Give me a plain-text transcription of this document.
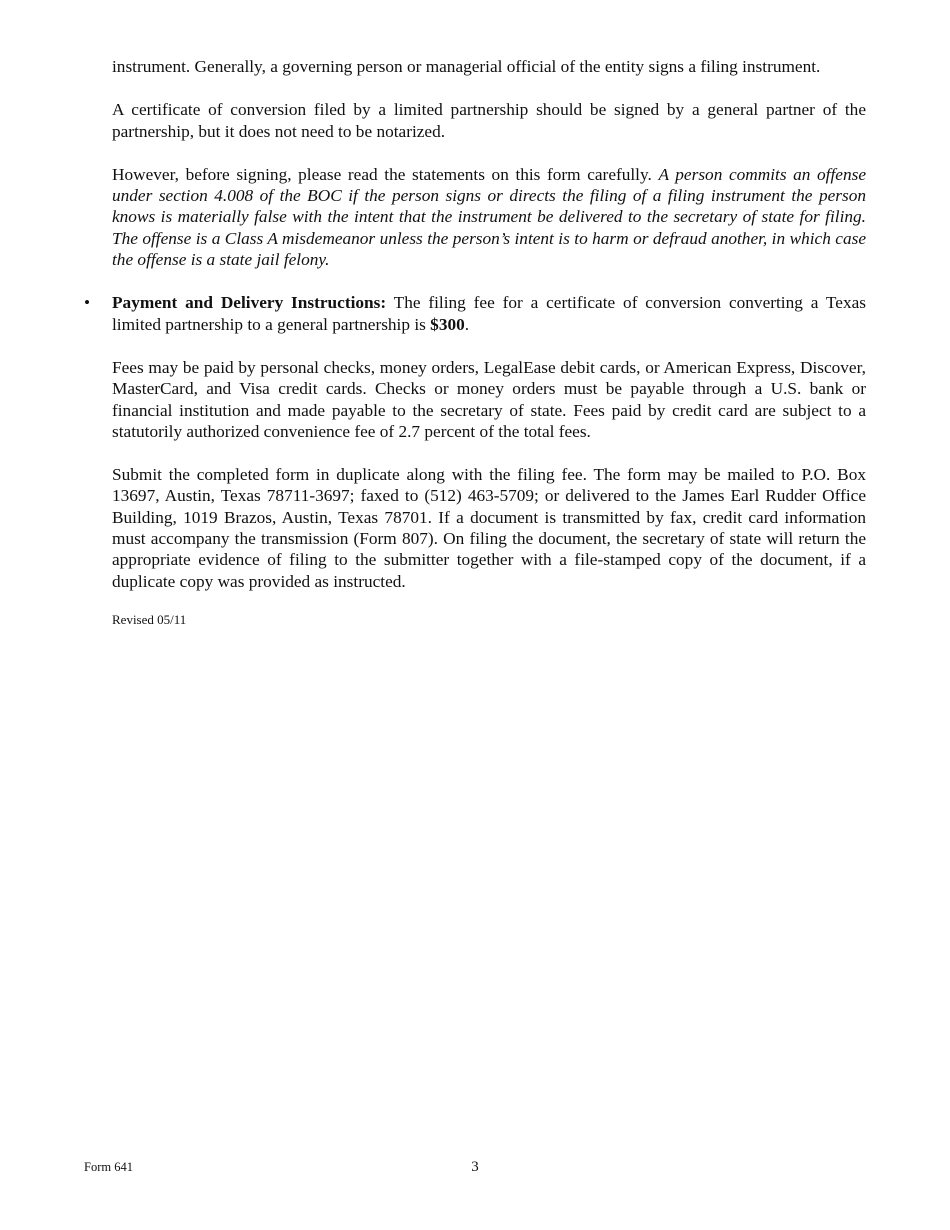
instrument. Generally, a governing person or managerial official of the entity signs a filing instrument.

A certificate of conversion filed by a limited partnership should be signed by a general partner of the partnership, but it does not need to be notarized.

However, before signing, please read the statements on this form carefully. A person commits an offense under section 4.008 of the BOC if the person signs or directs the filing of a filing instrument the person knows is materially false with the intent that the instrument be delivered to the secretary of state for filing. The offense is a Class A misdemeanor unless the person’s intent is to harm or defraud another, in which case the offense is a state jail felony.

• Payment and Delivery Instructions: The filing fee for a certificate of conversion converting a Texas limited partnership to a general partnership is $300.

Fees may be paid by personal checks, money orders, LegalEase debit cards, or American Express, Discover, MasterCard, and Visa credit cards. Checks or money orders must be payable through a U.S. bank or financial institution and made payable to the secretary of state. Fees paid by credit card are subject to a statutorily authorized convenience fee of 2.7 percent of the total fees.

Submit the completed form in duplicate along with the filing fee. The form may be mailed to P.O. Box 13697, Austin, Texas 78711-3697; faxed to (512) 463-5709; or delivered to the James Earl Rudder Office Building, 1019 Brazos, Austin, Texas 78701. If a document is transmitted by fax, credit card information must accompany the transmission (Form 807). On filing the document, the secretary of state will return the appropriate evidence of filing to the submitter together with a file-stamped copy of the document, if a duplicate copy was provided as instructed.

Revised 05/11

Form 641	3
